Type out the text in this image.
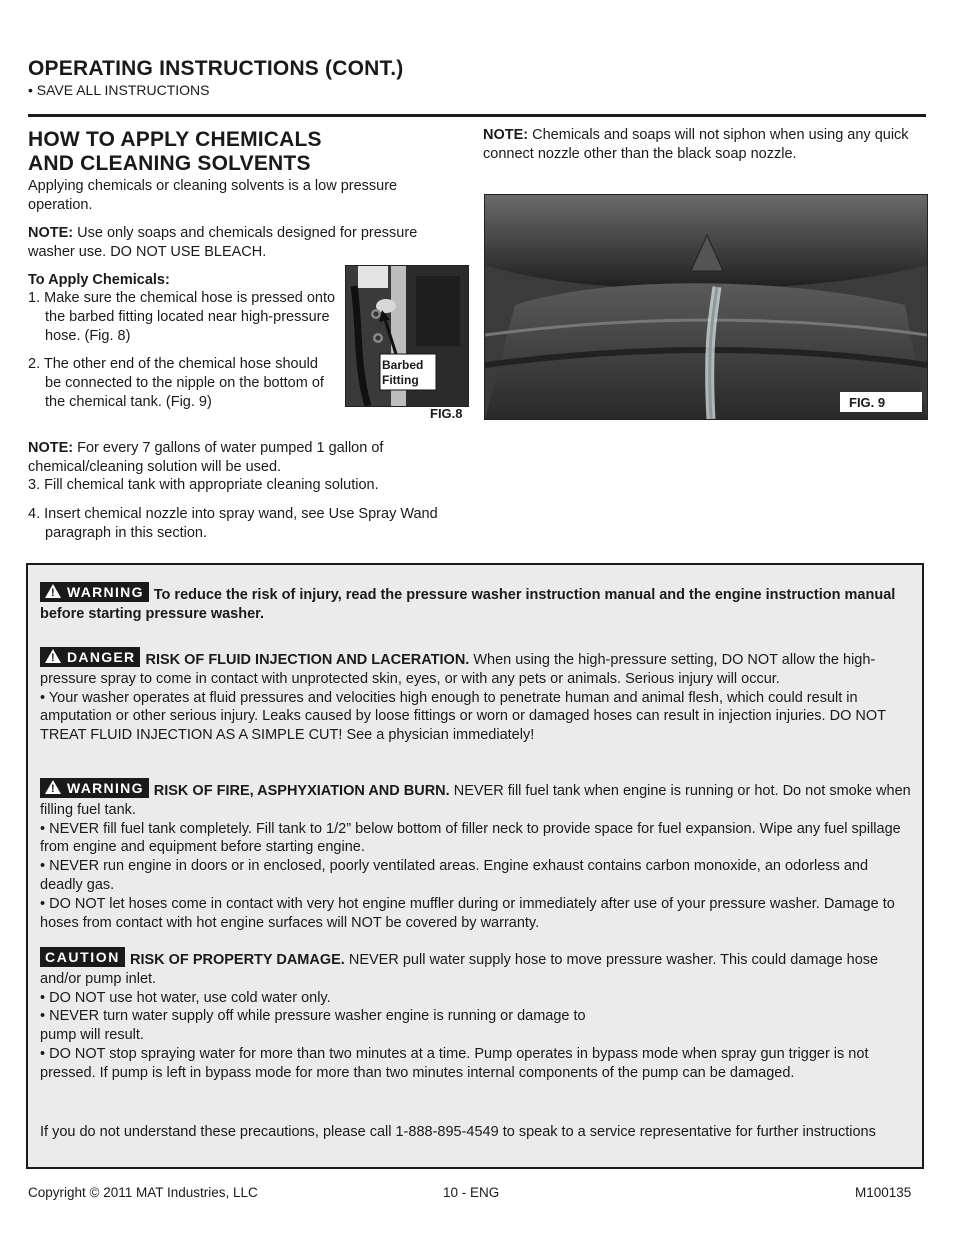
OPERATING INSTRUCTIONS (CONT.)
• SAVE ALL INSTRUCTIONS
HOW TO APPLY CHEMICALS
AND CLEANING SOLVENTS
Applying chemicals or cleaning solvents is a low pressure operation.
NOTE: Use only soaps and chemicals designed for pressure washer use. DO NOT USE BLEACH.
To Apply Chemicals:
1. Make sure the chemical hose is pressed onto the barbed fitting located near high-pressure hose. (Fig. 8)
2. The other end of the chemical hose should be connected to the nipple on the bottom of the chemical tank. (Fig. 9)
NOTE: For every 7 gallons of water pumped 1 gallon of chemical/cleaning solution will be used.
3. Fill chemical tank with appropriate cleaning solution.
4. Insert chemical nozzle into spray wand, see Use Spray Wand paragraph in this section.
Barbed
Fitting
FIG.8
NOTE: Chemicals and soaps will not siphon when using any quick connect nozzle other than the black soap nozzle.
FIG. 9
!WARNING To reduce the risk of injury, read the pressure washer instruction manual and the engine instruction manual before starting pressure washer.
!DANGER RISK OF FLUID INJECTION AND LACERATION. When using the high-pressure setting, DO NOT allow the high-pressure spray to come in contact with unprotected skin, eyes, or with any pets or animals. Serious injury will occur.
• Your washer operates at fluid pressures and velocities high enough to penetrate human and animal flesh, which could result in amputation or other serious injury. Leaks caused by loose fittings or worn or damaged hoses can result in injection injuries. DO NOT TREAT FLUID INJECTION AS A SIMPLE CUT! See a physician immediately!
!WARNING RISK OF FIRE, ASPHYXIATION AND BURN. NEVER fill fuel tank when engine is running or hot. Do not smoke when filling fuel tank.
• NEVER fill fuel tank completely. Fill tank to 1/2” below bottom of filler neck to provide space for fuel expansion. Wipe any fuel spillage from engine and equipment before starting engine.
• NEVER run engine in doors or in enclosed, poorly ventilated areas. Engine exhaust contains carbon monoxide, an odorless and deadly gas.
• DO NOT let hoses come in contact with very hot engine muffler during or immediately after use of your pressure washer. Damage to hoses from contact with hot engine surfaces will NOT be covered by warranty.
CAUTION RISK OF PROPERTY DAMAGE. NEVER pull water supply hose to move pressure washer. This could damage hose and/or pump inlet.
• DO NOT use hot water, use cold water only.
• NEVER turn water supply off while pressure washer engine is running or damage to
pump will result.
• DO NOT stop spraying water for more than two minutes at a time. Pump operates in bypass mode when spray gun trigger is not pressed. If pump is left in bypass mode for more than two minutes internal components of the pump can be damaged.
If you do not understand these precautions, please call 1-888-895-4549 to speak to a service representative for further instructions
Copyright © 2011 MAT Industries, LLC	10 - ENG	M100135
